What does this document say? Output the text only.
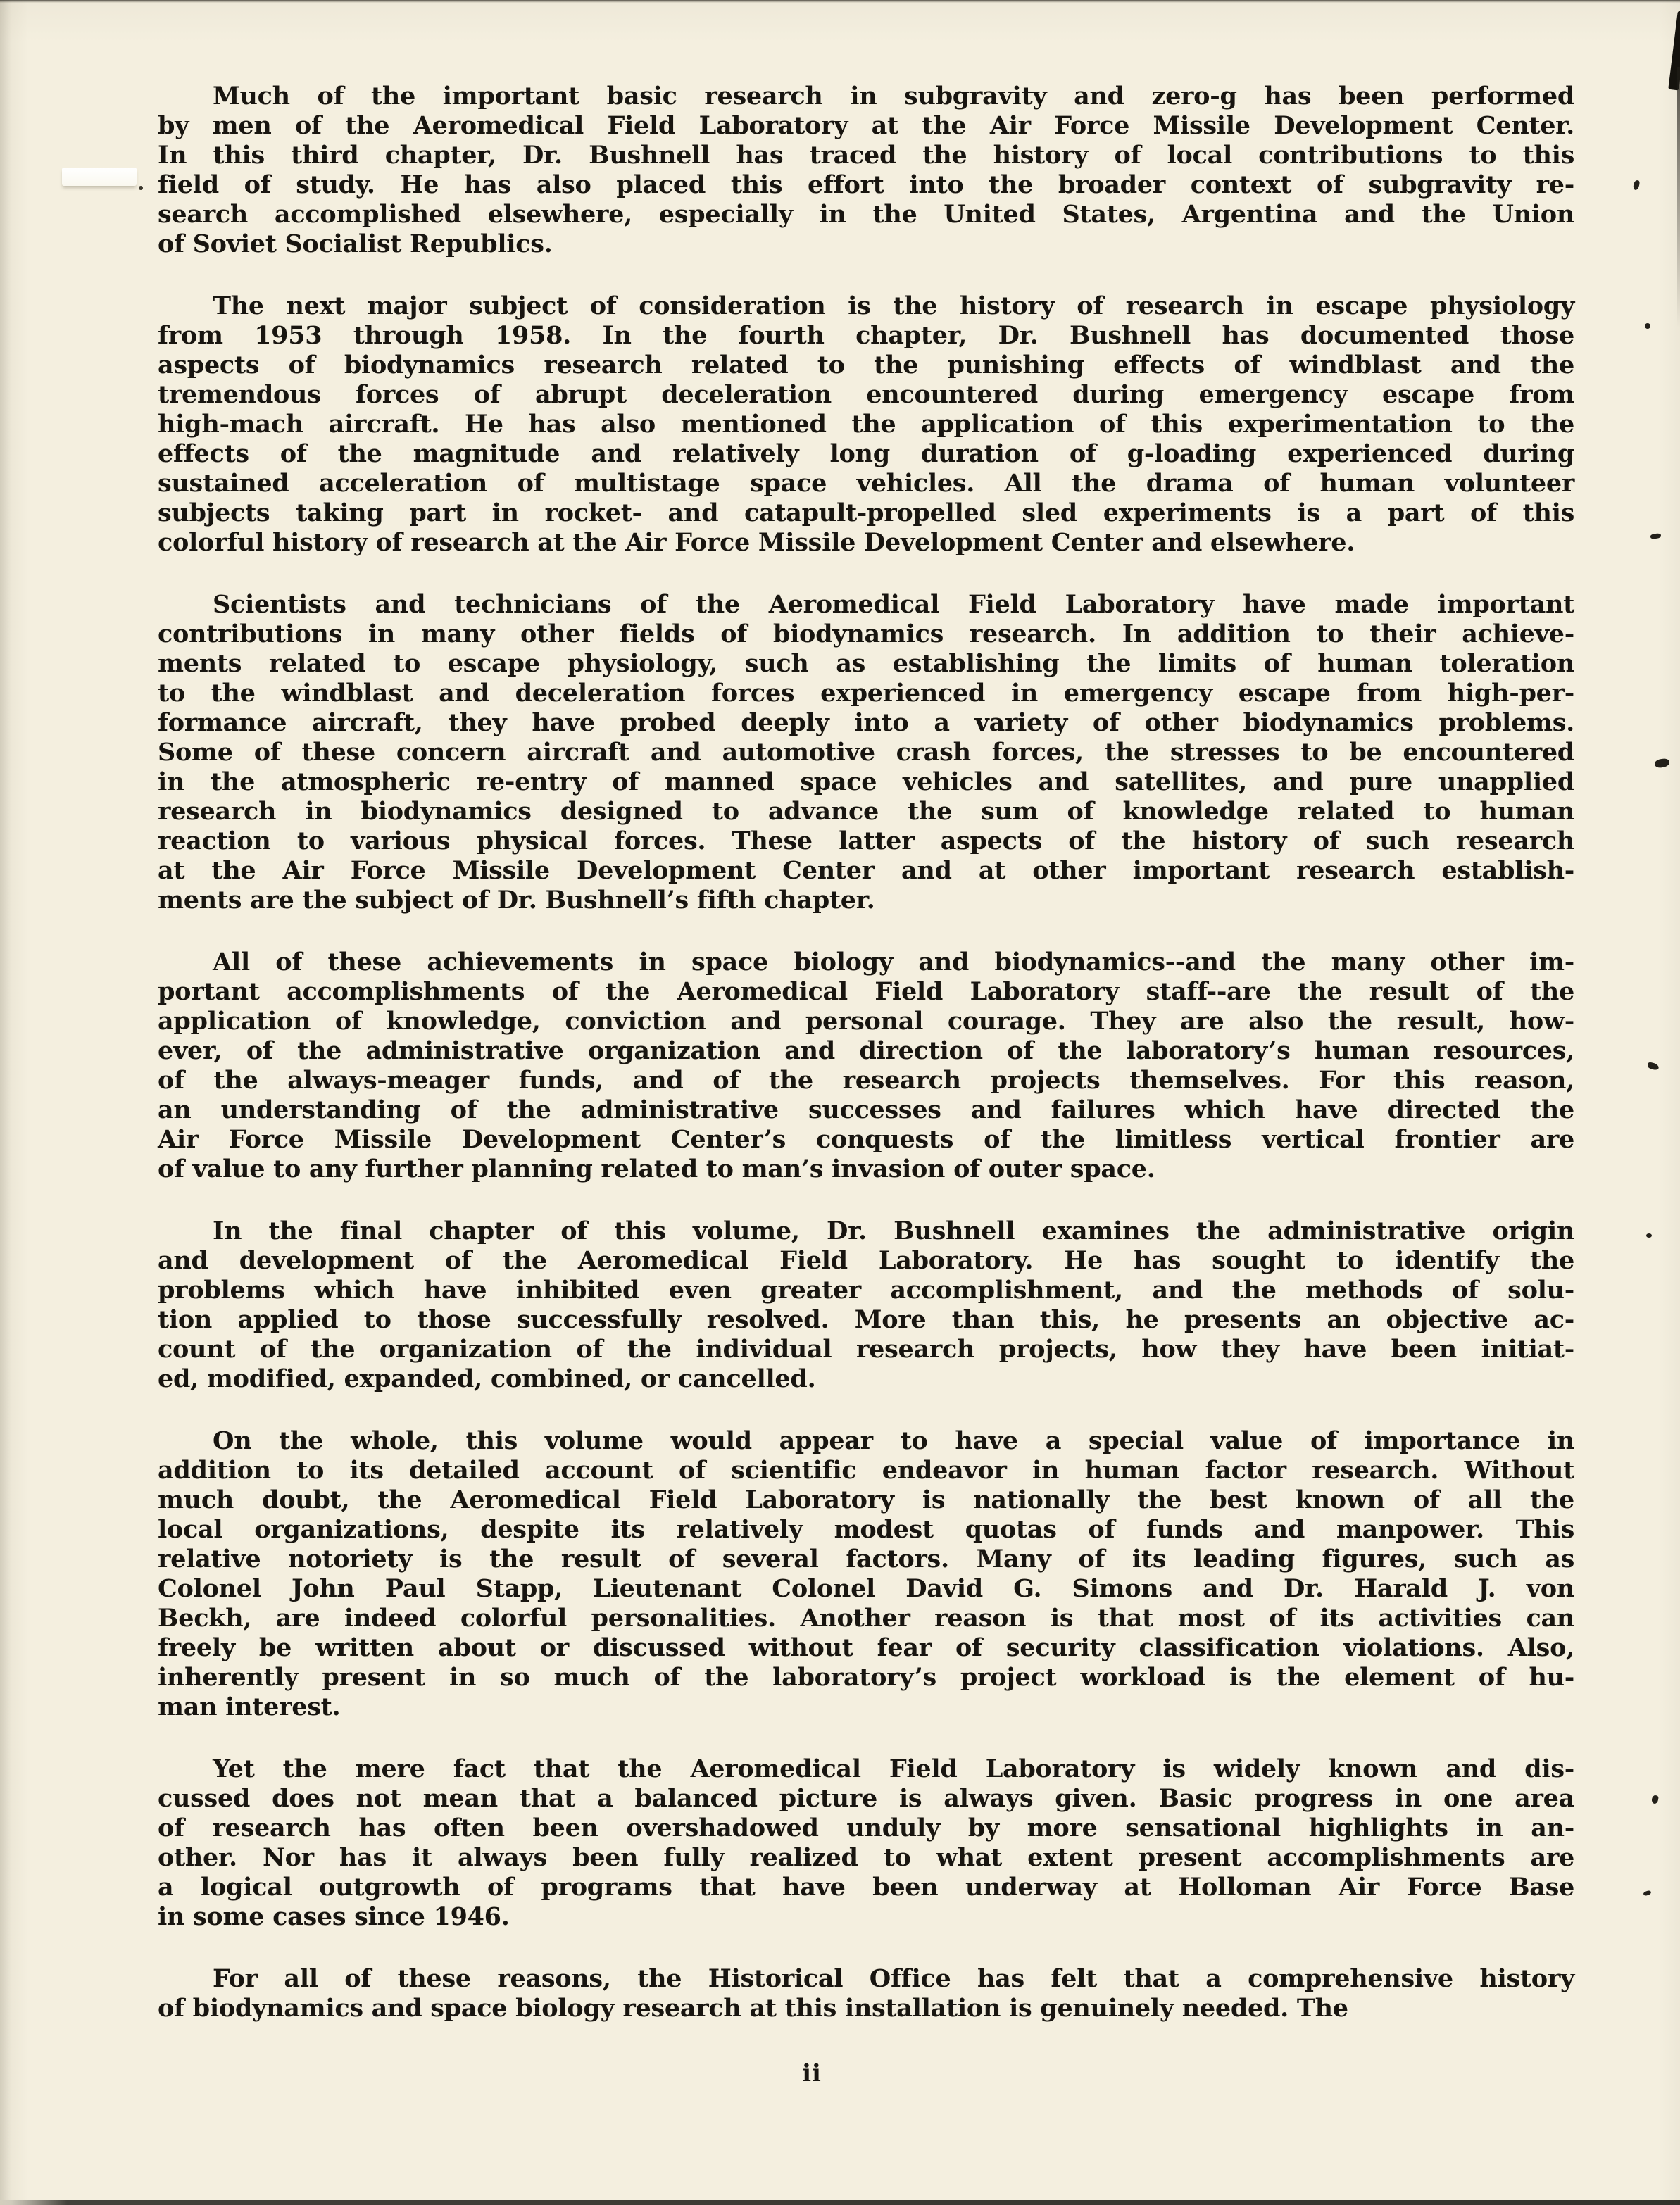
Much of the important basic research in subgravity and zero-g has been performed
by men of the Aeromedical Field Laboratory at the Air Force Missile Development Center.
In this third chapter, Dr. Bushnell has traced the history of local contributions to this
field of study. He has also placed this effort into the broader context of subgravity re-
search accomplished elsewhere, especially in the United States, Argentina and the Union
of Soviet Socialist Republics.
The next major subject of consideration is the history of research in escape physiology
from 1953 through 1958. In the fourth chapter, Dr. Bushnell has documented those
aspects of biodynamics research related to the punishing effects of windblast and the
tremendous forces of abrupt deceleration encountered during emergency escape from
high-mach aircraft. He has also mentioned the application of this experimentation to the
effects of the magnitude and relatively long duration of g-loading experienced during
sustained acceleration of multistage space vehicles. All the drama of human volunteer
subjects taking part in rocket- and catapult-propelled sled experiments is a part of this
colorful history of research at the Air Force Missile Development Center and elsewhere.
Scientists and technicians of the Aeromedical Field Laboratory have made important
contributions in many other fields of biodynamics research. In addition to their achieve-
ments related to escape physiology, such as establishing the limits of human toleration
to the windblast and deceleration forces experienced in emergency escape from high-per-
formance aircraft, they have probed deeply into a variety of other biodynamics problems.
Some of these concern aircraft and automotive crash forces, the stresses to be encountered
in the atmospheric re-entry of manned space vehicles and satellites, and pure unapplied
research in biodynamics designed to advance the sum of knowledge related to human
reaction to various physical forces. These latter aspects of the history of such research
at the Air Force Missile Development Center and at other important research establish-
ments are the subject of Dr. Bushnell’s fifth chapter.
All of these achievements in space biology and biodynamics--and the many other im-
portant accomplishments of the Aeromedical Field Laboratory staff--are the result of the
application of knowledge, conviction and personal courage. They are also the result, how-
ever, of the administrative organization and direction of the laboratory’s human resources,
of the always-meager funds, and of the research projects themselves. For this reason,
an understanding of the administrative successes and failures which have directed the
Air Force Missile Development Center’s conquests of the limitless vertical frontier are
of value to any further planning related to man’s invasion of outer space.
In the final chapter of this volume, Dr. Bushnell examines the administrative origin
and development of the Aeromedical Field Laboratory. He has sought to identify the
problems which have inhibited even greater accomplishment, and the methods of solu-
tion applied to those successfully resolved. More than this, he presents an objective ac-
count of the organization of the individual research projects, how they have been initiat-
ed, modified, expanded, combined, or cancelled.
On the whole, this volume would appear to have a special value of importance in
addition to its detailed account of scientific endeavor in human factor research. Without
much doubt, the Aeromedical Field Laboratory is nationally the best known of all the
local organizations, despite its relatively modest quotas of funds and manpower. This
relative notoriety is the result of several factors. Many of its leading figures, such as
Colonel John Paul Stapp, Lieutenant Colonel David G. Simons and Dr. Harald J. von
Beckh, are indeed colorful personalities. Another reason is that most of its activities can
freely be written about or discussed without fear of security classification violations. Also,
inherently present in so much of the laboratory’s project workload is the element of hu-
man interest.
Yet the mere fact that the Aeromedical Field Laboratory is widely known and dis-
cussed does not mean that a balanced picture is always given. Basic progress in one area
of research has often been overshadowed unduly by more sensational highlights in an-
other. Nor has it always been fully realized to what extent present accomplishments are
a logical outgrowth of programs that have been underway at Holloman Air Force Base
in some cases since 1946.
For all of these reasons, the Historical Office has felt that a comprehensive history
of biodynamics and space biology research at this installation is genuinely needed. The
ii
